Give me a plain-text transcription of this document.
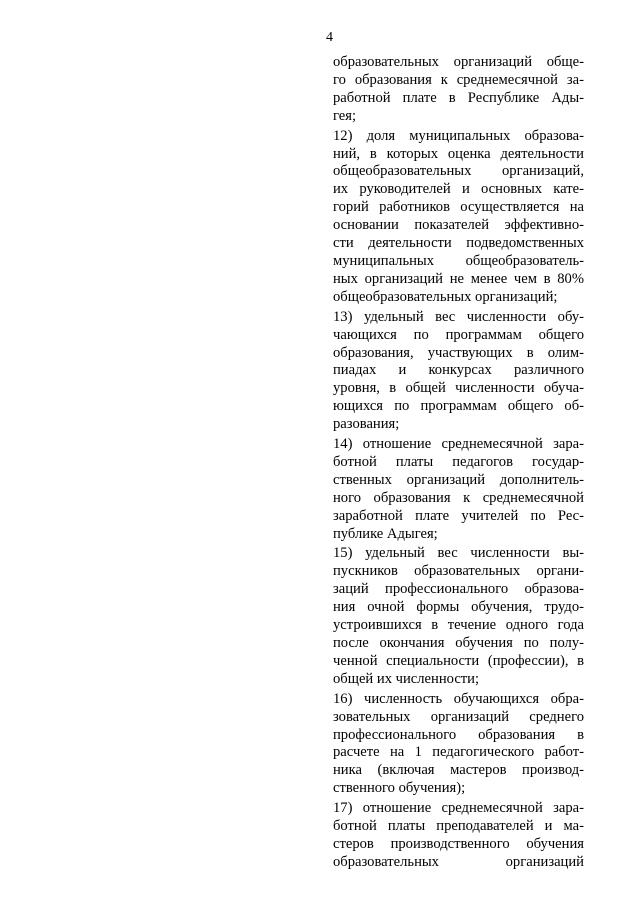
4

образовательных организаций обще-
го образования к среднемесячной за-
работной плате в Республике Ады-
гея;

12) доля муниципальных образова-
ний, в которых оценка деятельности
общеобразовательных организаций,
их руководителей и основных кате-
горий работников осуществляется на
основании показателей эффективно-
сти деятельности подведомственных
муниципальных общеобразователь-
ных организаций не менее чем в 80%
общеобразовательных организаций;

13) удельный вес численности обу-
чающихся по программам общего
образования, участвующих в олим-
пиадах и конкурсах различного
уровня, в общей численности обуча-
ющихся по программам общего об-
разования;

14) отношение среднемесячной зара-
ботной платы педагогов государ-
ственных организаций дополнитель-
ного образования к среднемесячной
заработной плате учителей по Рес-
публике Адыгея;

15) удельный вес численности вы-
пускников образовательных органи-
заций профессионального образова-
ния очной формы обучения, трудо-
устроившихся в течение одного года
после окончания обучения по полу-
ченной специальности (профессии), в
общей их численности;

16) численность обучающихся обра-
зовательных организаций среднего
профессионального образования в
расчете на 1 педагогического работ-
ника (включая мастеров производ-
ственного обучения);

17) отношение среднемесячной зара-
ботной платы преподавателей и ма-
стеров производственного обучения
образовательных организаций
